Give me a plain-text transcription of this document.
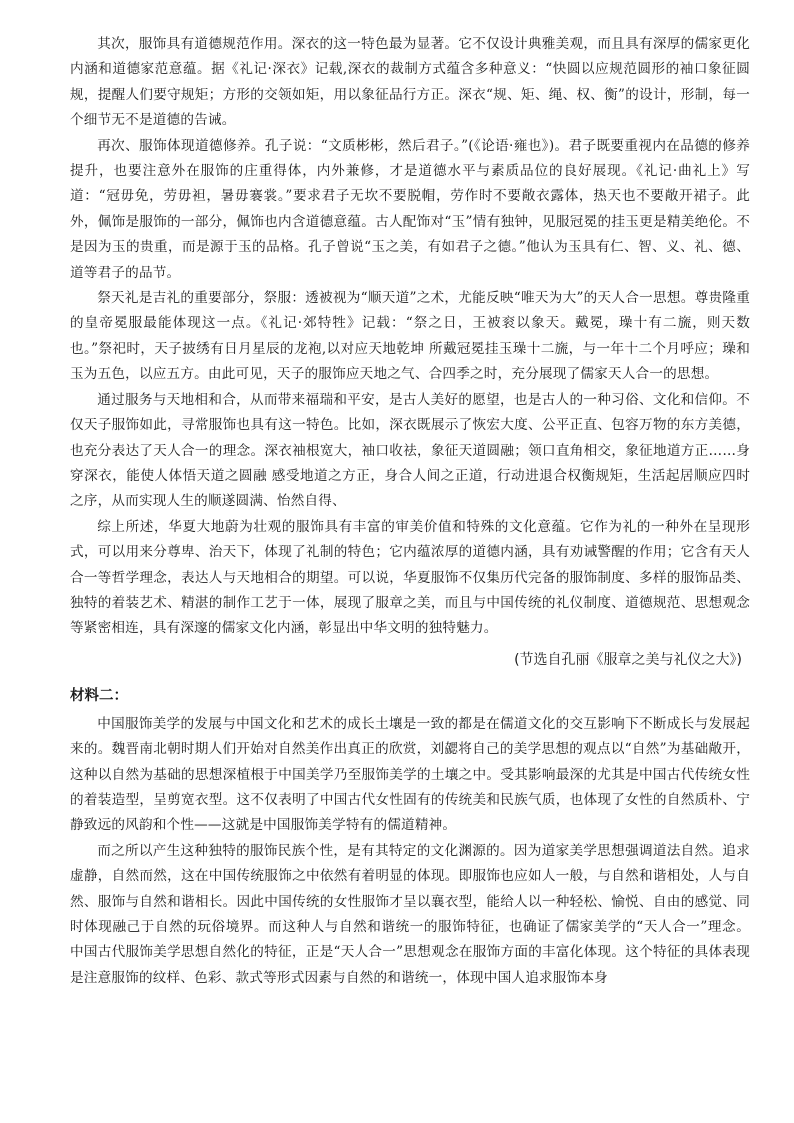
其次，服饰具有道德规范作用。深衣的这一特色最为显著。它不仅设计典雅美观，而且具有深厚的儒家更化内涵和道德家范意蕴。据《礼记·深衣》记载,深衣的裁制方式蕴含多种意义：“快圆以应规范圆形的袖口象征圆规，提醒人们要守规矩；方形的交领如矩，用以象征品行方正。深衣“规、矩、绳、权、衡”的设计，形制，每一个细节无不是道德的告诫。

再次、服饰体现道德修养。孔子说：“文质彬彬，然后君子。”(《论语·雍也》)。君子既要重视内在品德的修养提升，也要注意外在服饰的庄重得体，内外兼修，才是道德水平与素质品位的良好展现。《礼记·曲礼上》写道：“冠毋免，劳毋袒，暑毋褰裳。”要求君子无坎不要脱帽，劳作时不要敞衣露体，热天也不要敞开裙子。此外，佩饰是服饰的一部分，佩饰也内含道德意蕴。古人配饰对“玉”情有独钟，见服冠冕的挂玉更是精美绝伦。不是因为玉的贵重，而是源于玉的品格。孔子曾说“玉之美，有如君子之德。”他认为玉具有仁、智、义、礼、德、道等君子的品节。

祭天礼是吉礼的重要部分，祭服：透被视为“顺天道”之术，尤能反映“唯天为大”的天人合一思想。尊贵隆重的皇帝冕服最能体现这一点。《礼记·郊特牲》记载：“祭之日，王被衮以象天。戴冕，璪十有二旒，则天数也。”祭祀时，天子披绣有日月星辰的龙袍,以对应天地乾坤 所戴冠冕挂玉璪十二旒，与一年十二个月呼应；璪和玉为五色，以应五方。由此可见，天子的服饰应天地之气、合四季之时，充分展现了儒家天人合一的思想。

通过服务与天地相和合，从而带来福瑞和平安，是古人美好的愿望，也是古人的一种习俗、文化和信仰。不仅天子服饰如此，寻常服饰也具有这一特色。比如，深衣既展示了恢宏大度、公平正直、包容万物的东方美德，也充分表达了天人合一的理念。深衣袖根宽大，袖口收祛，象征天道圆融；领口直角相交，象征地道方正……身穿深衣，能使人体悟天道之圆融 感受地道之方正，身合人间之正道，行动进退合权衡规矩，生活起居顺应四时之序，从而实现人生的顺遂圆满、怡然自得、

综上所述，华夏大地蔚为壮观的服饰具有丰富的审美价值和特殊的文化意蕴。它作为礼的一种外在呈现形式，可以用来分尊卑、治天下，体现了礼制的特色；它内蕴浓厚的道德内涵，具有劝诫警醒的作用；它含有天人合一等哲学理念，表达人与天地相合的期望。可以说，华夏服饰不仅集历代完备的服饰制度、多样的服饰品类、独特的着装艺术、精湛的制作工艺于一体，展现了服章之美，而且与中国传统的礼仪制度、道德规范、思想观念等紧密相连，具有深邃的儒家文化内涵，彰显出中华文明的独特魅力。

(节选自孔丽《服章之美与礼仪之大》)
材料二：

中国服饰美学的发展与中国文化和艺术的成长土壤是一致的都是在儒道文化的交互影响下不断成长与发展起来的。魏晋南北朝时期人们开始对自然美作出真正的欣赏，刘勰将自己的美学思想的观点以“自然”为基础敞开，这种以自然为基础的思想深植根于中国美学乃至服饰美学的土壤之中。受其影响最深的尤其是中国古代传统女性的着装造型，呈剪宽衣型。这不仅表明了中国古代女性固有的传统美和民族气质，也体现了女性的自然质朴、宁静致远的风韵和个性——这就是中国服饰美学特有的儒道精神。

而之所以产生这种独特的服饰民族个性，是有其特定的文化渊源的。因为道家美学思想强调道法自然。追求虚静，自然而然，这在中国传统服饰之中依然有着明显的体现。即服饰也应如人一般，与自然和谐相处，人与自然、服饰与自然和谐相长。因此中国传统的女性服饰才呈以襄衣型，能给人以一种轻松、愉悦、自由的感觉、同时体现融己于自然的玩俗境界。而这种人与自然和谐统一的服饰特征，也确证了儒家美学的“天人合一”理念。 中国古代服饰美学思想自然化的特征，正是“天人合一”思想观念在服饰方面的丰富化体现。这个特征的具体表现是注意服饰的纹样、色彩、款式等形式因素与自然的和谐统一，体现中国人追求服饰本身
